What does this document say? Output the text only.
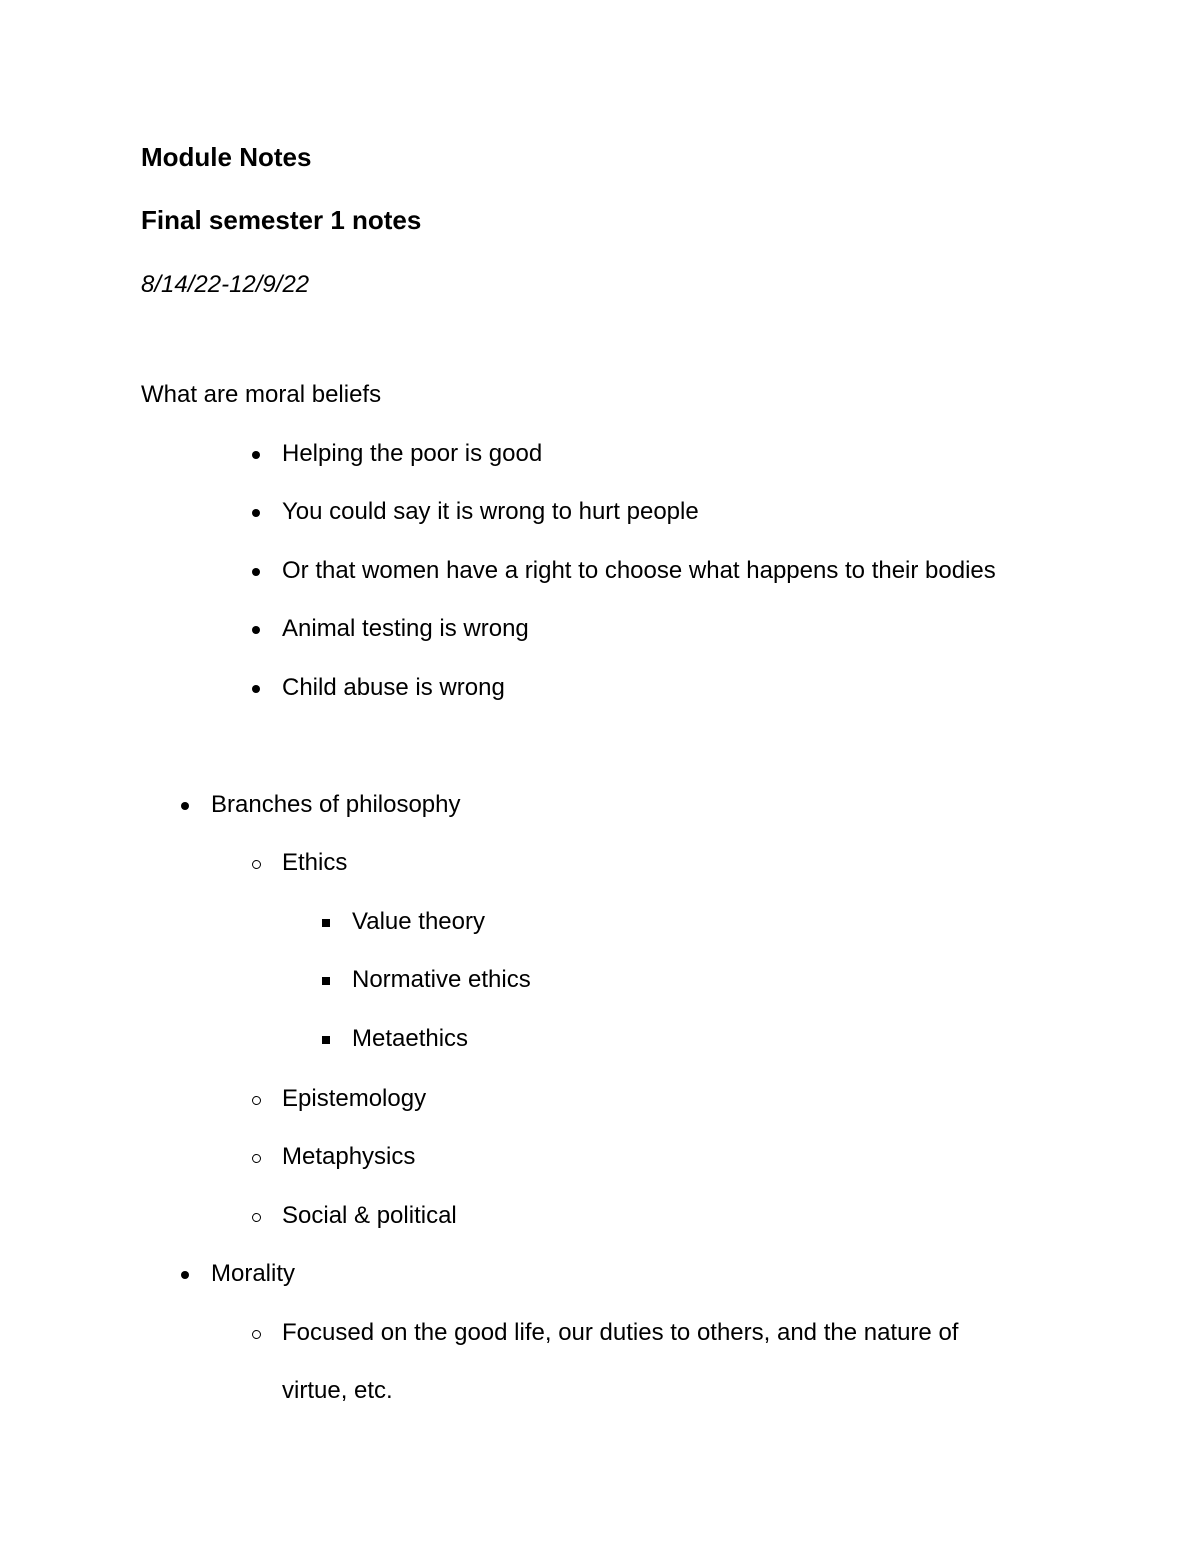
Module Notes
Final semester 1 notes
8/14/22-12/9/22
What are moral beliefs
Helping the poor is good
You could say it is wrong to hurt people
Or that women have a right to choose what happens to their bodies
Animal testing is wrong
Child abuse is wrong
Branches of philosophy
Ethics
Value theory
Normative ethics
Metaethics
Epistemology
Metaphysics
Social & political
Morality
Focused on the good life, our duties to others, and the nature of
virtue, etc.
